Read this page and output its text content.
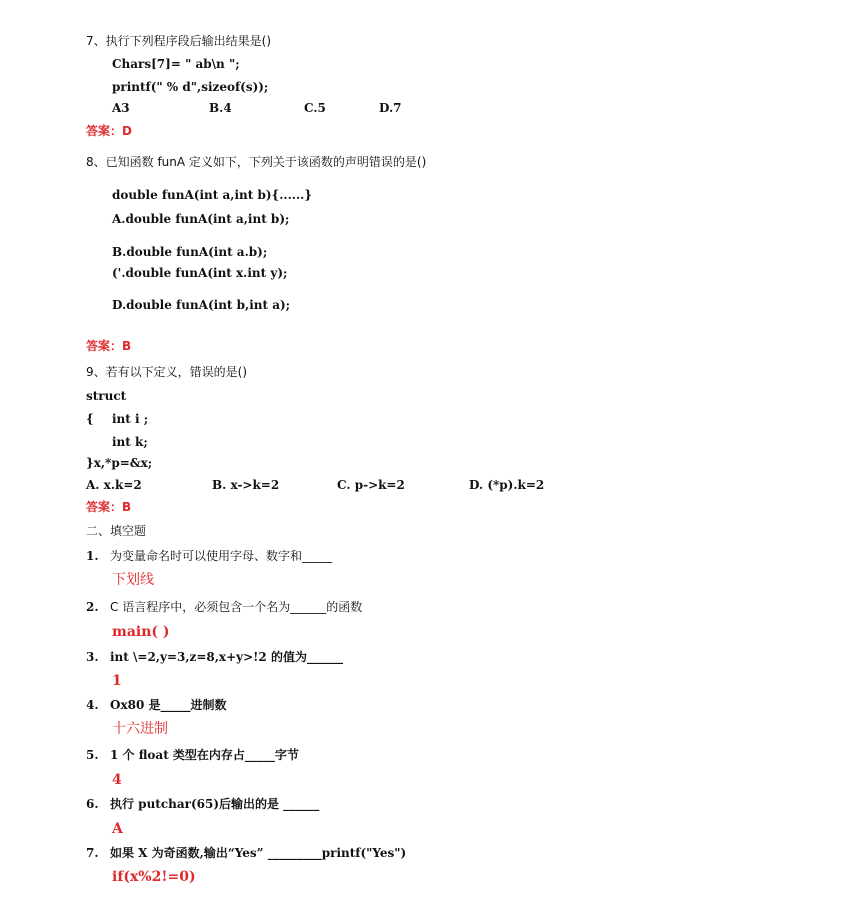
7、执行下列程序段后输出结果是()
Chars[7]= " ab\n ";
printf(" % d",sizeof(s));
A3	B.4	C.5	D.7
答案：D
8、已知函数 funA 定义如下，下列关于该函数的声明错误的是()
double funA(int a,int b){......}
A.double funA(int a,int b);
B.double funA(int a.b);
('.double funA(int x.int y);
D.double funA(int b,int a);
答案：B
9、若有以下定义，错误的是()
struct
{ int i ;
int k;
}x,*p=&x;
A. x.k=2	B. x->k=2	C. p->k=2	D. (*p).k=2
答案：B
二、填空题
1. 为变量命名时可以使用字母、数字和_____
下划线
2. C 语言程序中，必须包含一个名为______的函数
main( )
3. int \=2,y=3,z=8,x+y>!2 的值为______
1
4. Ox80 是_____进制数
十六进制
5. 1 个 float 类型在内存占_____字节
4
6. 执行 putchar(65)后输出的是 ______
A
7. 如果 X 为奇函数,输出“Yes” _________printf("Yes")
if(x%2!=0)
